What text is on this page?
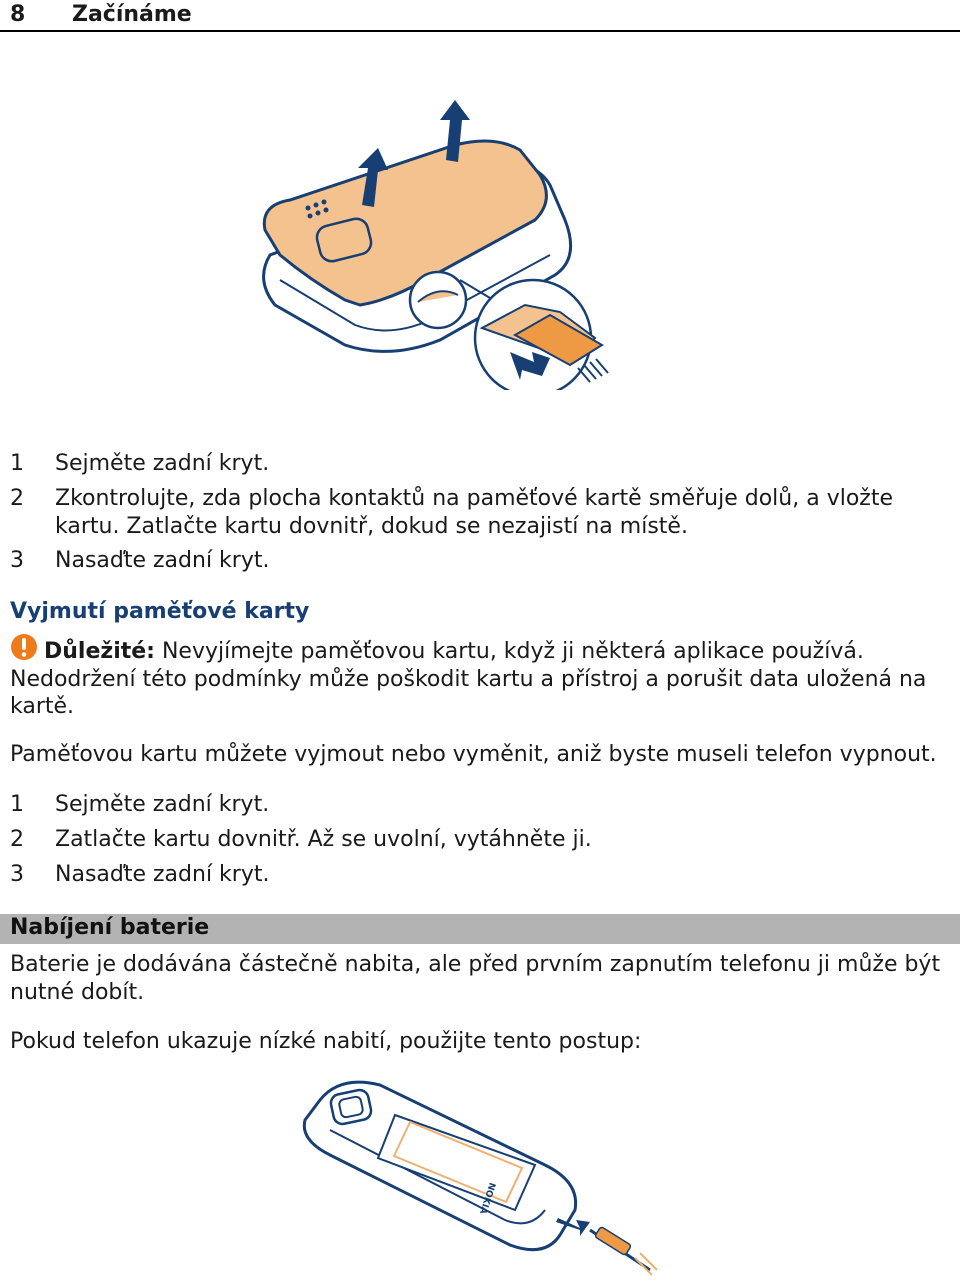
8 Začínáme
1	Sejměte zadní kryt.
2	Zkontrolujte, zda plocha kontaktů na paměťové kartě směřuje dolů, a vložte kartu. Zatlačte kartu dovnitř, dokud se nezajistí na místě.
3	Nasaďte zadní kryt.
Vyjmutí paměťové karty
Důležité: Nevyjímejte paměťovou kartu, když ji některá aplikace používá.
Nedodržení této podmínky může poškodit kartu a přístroj a porušit data uložená na
kartě.
Paměťovou kartu můžete vyjmout nebo vyměnit, aniž byste museli telefon vypnout.
1	Sejměte zadní kryt.
2	Zatlačte kartu dovnitř. Až se uvolní, vytáhněte ji.
3	Nasaďte zadní kryt.
Nabíjení baterie
Baterie je dodávána částečně nabita, ale před prvním zapnutím telefonu ji může být
nutné dobít.
Pokud telefon ukazuje nízké nabití, použijte tento postup:
NOKIA
